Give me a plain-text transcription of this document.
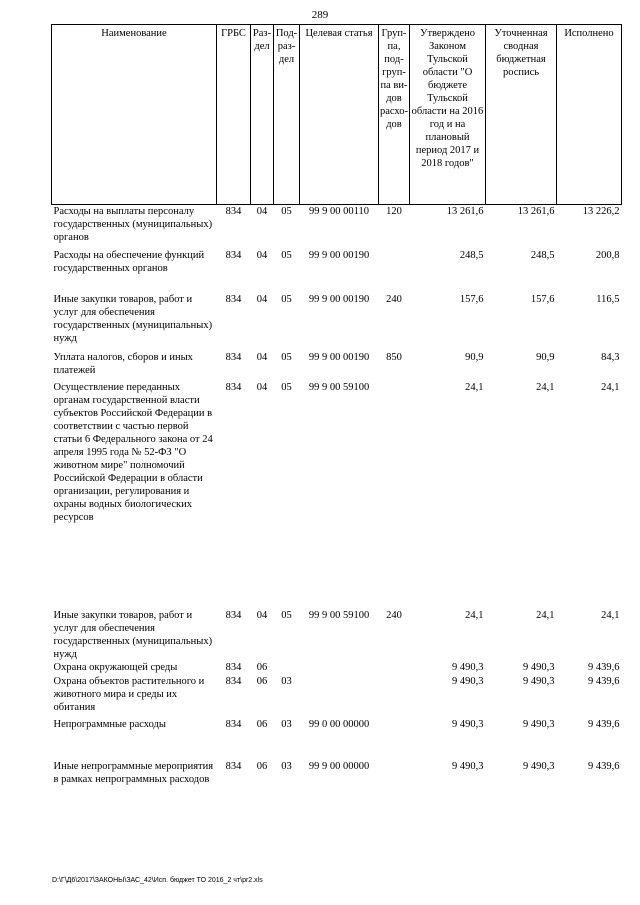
289
Наименование	ГРБС	Раз-дел	Под-раз-дел	Целевая статья	Груп-па, под-груп-па ви-дов расхо-дов	Утверждено Законом Тульской области "О бюджете Тульской области на 2016 год и на плановый период 2017 и 2018 годов"	Уточненная сводная бюджетная роспись	Исполнено
Расходы на выплаты персоналу государственных (муниципальных) органов	834	04	05	99 9 00 00110	120	13 261,6	13 261,6	13 226,2
Расходы на обеспечение функций государственных органов	834	04	05	99 9 00 00190		248,5	248,5	200,8
Иные закупки товаров, работ и услуг для обеспечения государственных (муниципальных) нужд	834	04	05	99 9 00 00190	240	157,6	157,6	116,5
Уплата налогов, сборов и иных платежей	834	04	05	99 9 00 00190	850	90,9	90,9	84,3
Осуществление переданных органам государственной власти субъектов Российской Федерации в соответствии с частью первой статьи 6 Федерального закона от 24 апреля 1995 года № 52-ФЗ "О животном мире" полномочий Российской Федерации в области организации, регулирования и охраны водных биологических ресурсов	834	04	05	99 9 00 59100		24,1	24,1	24,1
Иные закупки товаров, работ и услуг для обеспечения государственных (муниципальных) нужд	834	04	05	99 9 00 59100	240	24,1	24,1	24,1
Охрана окружающей среды	834	06				9 490,3	9 490,3	9 439,6
Охрана объектов растительного и животного мира и среды их обитания	834	06	03			9 490,3	9 490,3	9 439,6
Непрограммные расходы	834	06	03	99 0 00 00000		9 490,3	9 490,3	9 439,6
Иные непрограммные мероприятия в рамках непрограммных расходов	834	06	03	99 9 00 00000		9 490,3	9 490,3	9 439,6
D:\Г\Д6\2017\ЗАКОНЫ\ЗАС_42\Исп. бюджет ТО 2016_2 чт\pr2.xls
